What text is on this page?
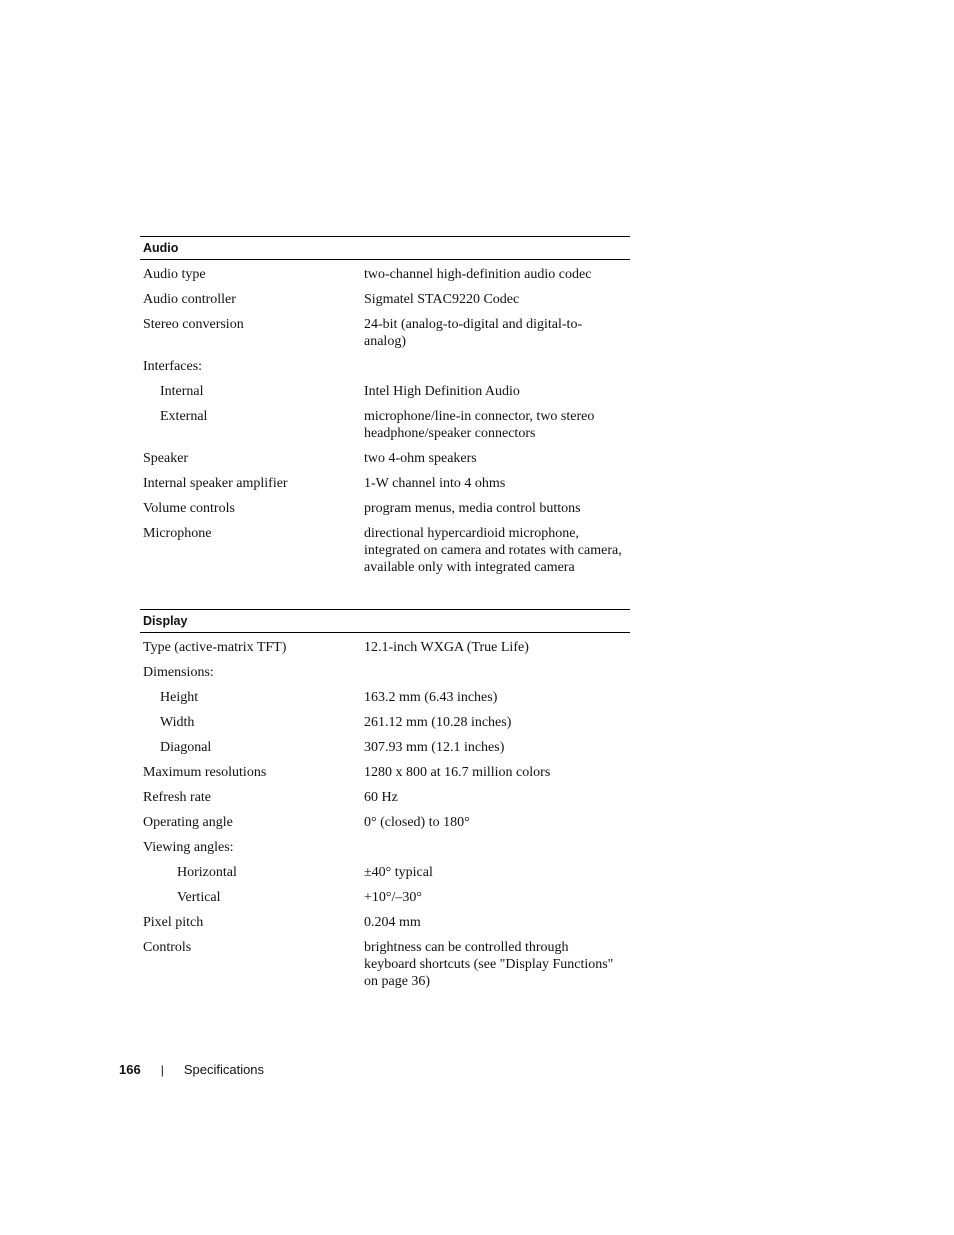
Audio
Audio type	two-channel high-definition audio codec
Audio controller	Sigmatel STAC9220 Codec
Stereo conversion	24-bit (analog-to-digital and digital-to-analog)
Interfaces:
Internal	Intel High Definition Audio
External	microphone/line-in connector, two stereo headphone/speaker connectors
Speaker	two 4-ohm speakers
Internal speaker amplifier	1-W channel into 4 ohms
Volume controls	program menus, media control buttons
Microphone	directional hypercardioid microphone, integrated on camera and rotates with camera, available only with integrated camera
Display
Type (active-matrix TFT)	12.1-inch WXGA (True Life)
Dimensions:
Height	163.2 mm (6.43 inches)
Width	261.12 mm (10.28 inches)
Diagonal	307.93 mm (12.1 inches)
Maximum resolutions	1280 x 800 at 16.7 million colors
Refresh rate	60 Hz
Operating angle	0° (closed) to 180°
Viewing angles:
Horizontal	±40° typical
Vertical	+10°/–30°
Pixel pitch	0.204 mm
Controls	brightness can be controlled through keyboard shortcuts (see "Display Functions" on page 36)
166 | Specifications
